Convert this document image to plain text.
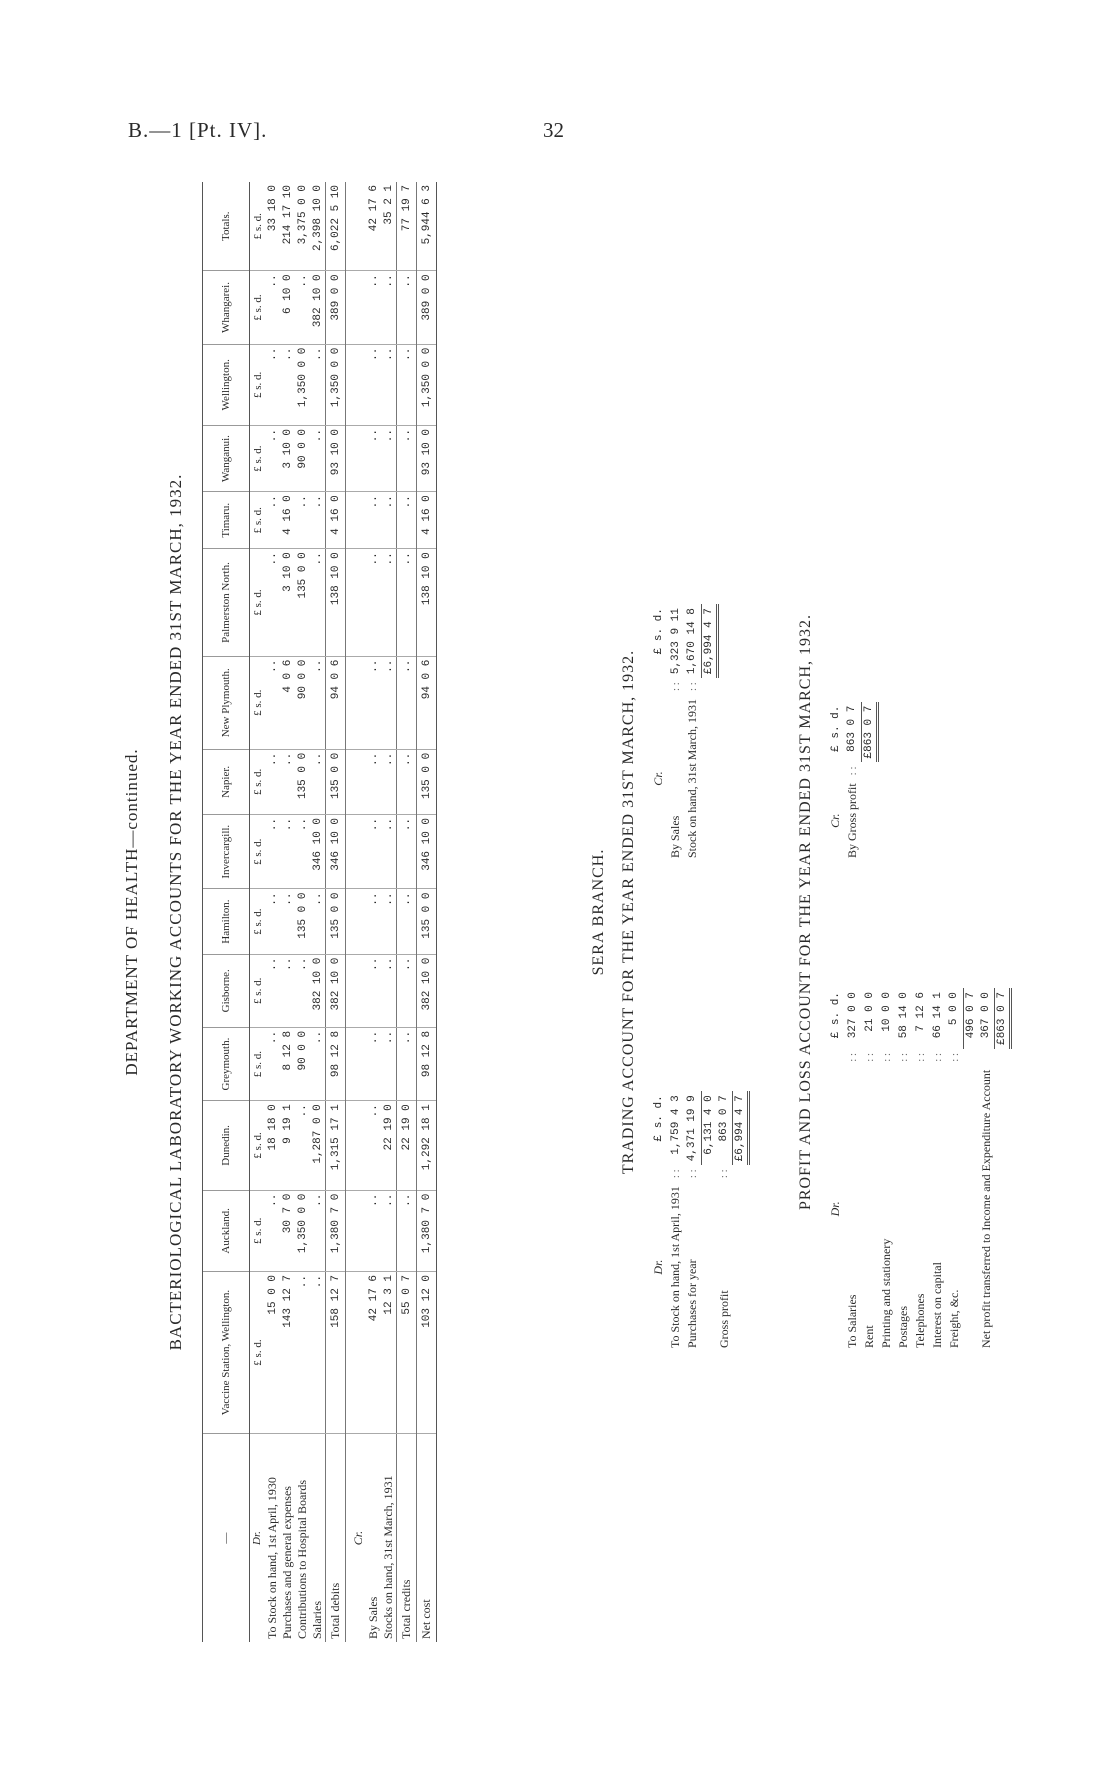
B.—1 [Pt. IV].	32
DEPARTMENT OF HEALTH—continued. BACTERIOLOGICAL LABORATORY WORKING ACCOUNTS FOR THE YEAR ENDED 31ST MARCH, 1932.
—	Vaccine Station, Wellington.	Auckland.	Dunedin.	Greymouth.	Gisborne.	Hamilton.	Invercargill.	Napier.	New Plymouth.	Palmerston North.	Timaru.	Wanganui.	Wellington.	Whangarei.	Totals.
Dr.	£ s. d.	£ s. d.	£ s. d.	£ s. d.	£ s. d.	£ s. d.	£ s. d.	£ s. d.	£ s. d.	£ s. d.	£ s. d.	£ s. d.	£ s. d.	£ s. d.	£ s. d.
To Stock on hand, 1st April, 1930	15 0 0	..	18 18 0	..	..	..	..	..	..	..	..	..	..	..	33 18 0
Purchases and general expenses	143 12 7	30 7 0	9 19 1	8 12 8	..	..	..	..	4 0 6	3 10 0	4 16 0	3 10 0	..	6 10 0	214 17 10
Contributions to Hospital Boards	..	1,350 0 0	..	90 0 0	..	135 0 0	..	135 0 0	90 0 0	135 0 0	..	90 0 0	1,350 0 0	..	3,375 0 0
Salaries	..	..	1,287 0 0	..	382 10 0	..	346 10 0	..	..	..	..	..	..	382 10 0	2,398 10 0
Total debits	158 12 7	1,380 7 0	1,315 17 1	98 12 8	382 10 0	135 0 0	346 10 0	135 0 0	94 0 6	138 10 0	4 16 0	93 10 0	1,350 0 0	389 0 0	6,022 5 10
Cr.															
By Sales	42 17 6	..	..	..	..	..	..	..	..	..	..	..	..	..	42 17 6
Stocks on hand, 31st March, 1931	12 3 1	..	22 19 0	..	..	..	..	..	..	..	..	..	..	..	35 2 1
Total credits	55 0 7	..	22 19 0	..	..	..	..	..	..	..	..	..	..	..	77 19 7
Net cost	103 12 0	1,380 7 0	1,292 18 1	98 12 8	382 10 0	135 0 0	346 10 0	135 0 0	94 0 6	138 10 0	4 16 0	93 10 0	1,350 0 0	389 0 0	5,944 6 3
SERA BRANCH. TRADING ACCOUNT FOR THE YEAR ENDED 31ST MARCH, 1932.
Dr.		£ s. d.
To Stock on hand, 1st April, 1931	: :	1,759 4 3
Purchases for year	: :	4,371 19 9
		6,131 4 0
Gross profit	: :	863 0 7
		£6,994 4 7
Cr.		£ s. d.
By Sales	: :	5,323 9 11
Stock on hand, 31st March, 1931	: :	1,670 14 8
		£6,994 4 7	PROFIT AND LOSS ACCOUNT FOR THE YEAR ENDED 31ST MARCH, 1932. Dr.		£ s. d.
To Salaries	: :	327 0 0
Rent	: :	21 0 0
Printing and stationery	: :	10 0 0
Postages	: :	58 14 0
Telephones	: :	7 12 6
Interest on capital	: :	66 14 1
Freight, &c.	: :	5 0 0
		496 0 7
Net profit transferred to Income and Expenditure Account		367 0 0
		£863 0 7
Cr.		£ s. d.
By Gross profit	: :	863 0 7
		£863 0 7
